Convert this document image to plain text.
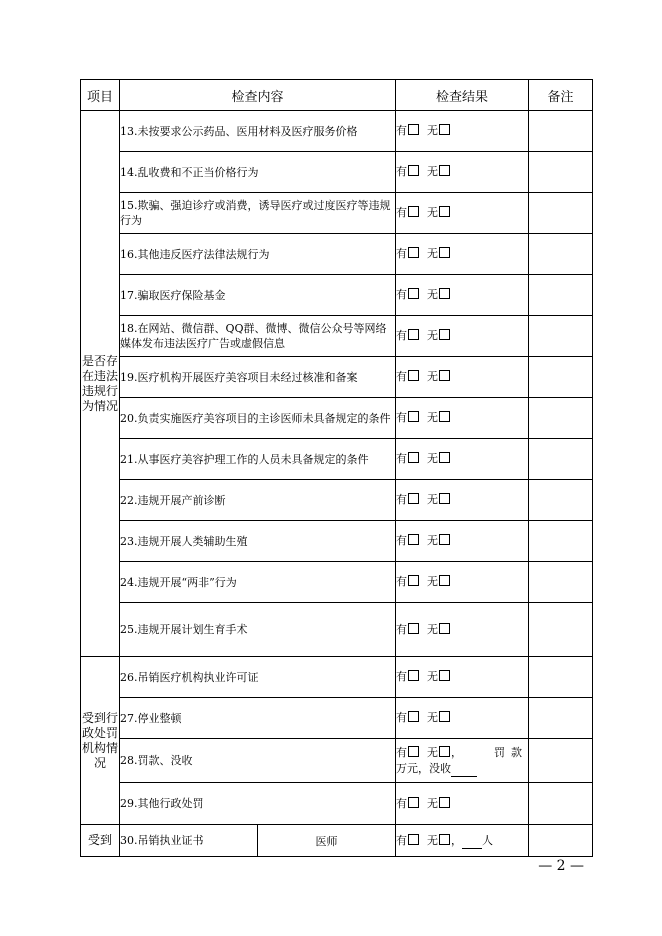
项目	检查内容		检查结果	备注
是否存在违法违规行为情况	13.未按要求公示药品、医用材料及医疗服务价格		有 无	
	14.乱收费和不正当价格行为		有 无	
	15.欺骗、强迫诊疗或消费，诱导医疗或过度医疗等违规行为		有 无	
	16.其他违反医疗法律法规行为		有 无	
	17.骗取医疗保险基金		有 无	
	18.在网站、微信群、QQ群、微博、微信公众号等网络媒体发布违法医疗广告或虚假信息		有 无	
	19.医疗机构开展医疗美容项目未经过核准和备案		有 无	
	20.负责实施医疗美容项目的主诊医师未具备规定的条件		有 无	
	21.从事医疗美容护理工作的人员未具备规定的条件		有 无	
	22.违规开展产前诊断		有 无	
	23.违规开展人类辅助生殖		有 无	
	24.违规开展“两非”行为		有 无	
	25.违规开展计划生育手术		有 无	
受到行政处罚机构情况	26.吊销医疗机构执业许可证		有 无	
	27.停业整顿		有 无	
	28.罚款、没收		有 无 ， 罚款
万元，没收	

	29.其他行政处罚		有 无	
受到	30.吊销执业证书	医师	有 无 ， 人	
— 2 —
